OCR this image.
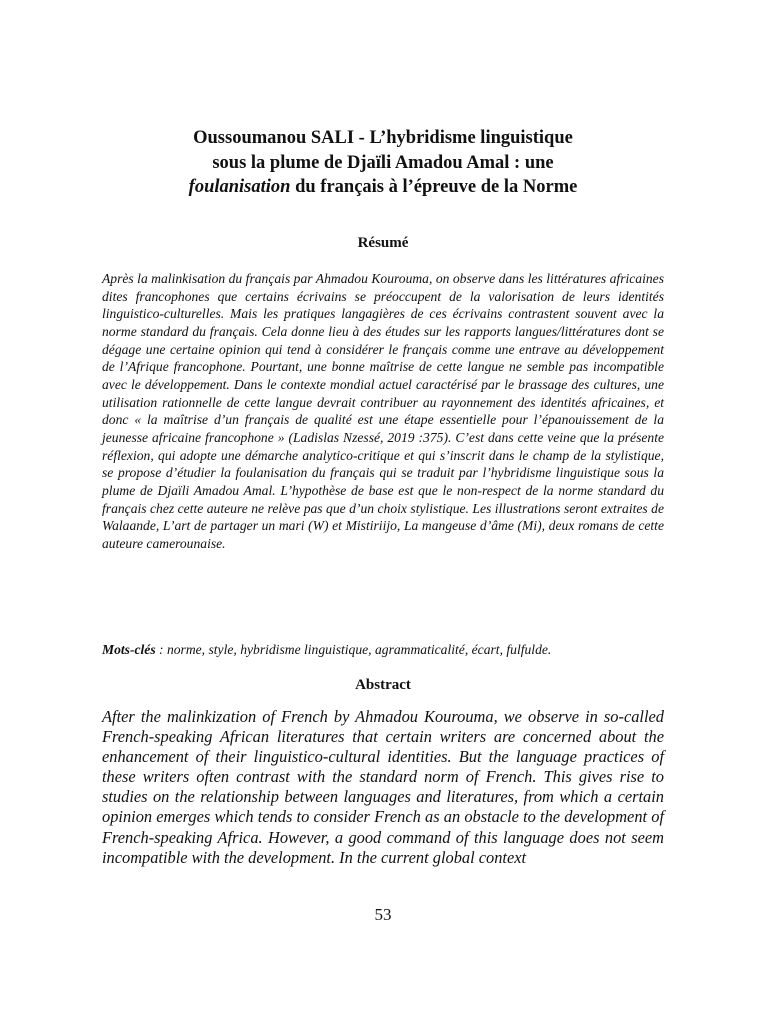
Oussoumanou SALI - L’hybridisme linguistique
sous la plume de Djaïli Amadou Amal : une
foulanisation du français à l’épreuve de la Norme
Résumé

Après la malinkisation du français par Ahmadou Kourouma, on observe dans les littératures africaines dites francophones que certains écrivains se préoccupent de la valorisation de leurs identités linguistico-culturelles. Mais les pratiques langagières de ces écrivains contrastent souvent avec la norme standard du français. Cela donne lieu à des études sur les rapports langues/littératures dont se dégage une certaine opinion qui tend à considérer le français comme une entrave au développement de l’Afrique francophone. Pourtant, une bonne maîtrise de cette langue ne semble pas incompatible avec le développement. Dans le contexte mondial actuel caractérisé par le brassage des cultures, une utilisation rationnelle de cette langue devrait contribuer au rayonnement des identités africaines, et donc « la maîtrise d’un français de qualité est une étape essentielle pour l’épanouissement de la jeunesse africaine francophone » (Ladislas Nzessé, 2019 :375). C’est dans cette veine que la présente réflexion, qui adopte une démarche analytico-critique et qui s’inscrit dans le champ de la stylistique, se propose d’étudier la foulanisation du français qui se traduit par l’hybridisme linguistique sous la plume de Djaïli Amadou Amal. L’hypothèse de base est que le non-respect de la norme standard du français chez cette auteure ne relève pas que d’un choix stylistique. Les illustrations seront extraites de Walaande, L’art de partager un mari (W) et Mistiriijo, La mangeuse d’âme (Mi), deux romans de cette auteure camerounaise.

Mots-clés : norme, style, hybridisme linguistique, agrammaticalité, écart, fulfulde.

Abstract

After the malinkization of French by Ahmadou Kourouma, we observe in so-called French-speaking African literatures that certain writers are concerned about the enhancement of their linguistico-cultural identities. But the language practices of these writers often contrast with the standard norm of French. This gives rise to studies on the relationship between languages and literatures, from which a certain opinion emerges which tends to consider French as an obstacle to the development of French-speaking Africa. However, a good command of this language does not seem incompatible with the development. In the current global context

53
